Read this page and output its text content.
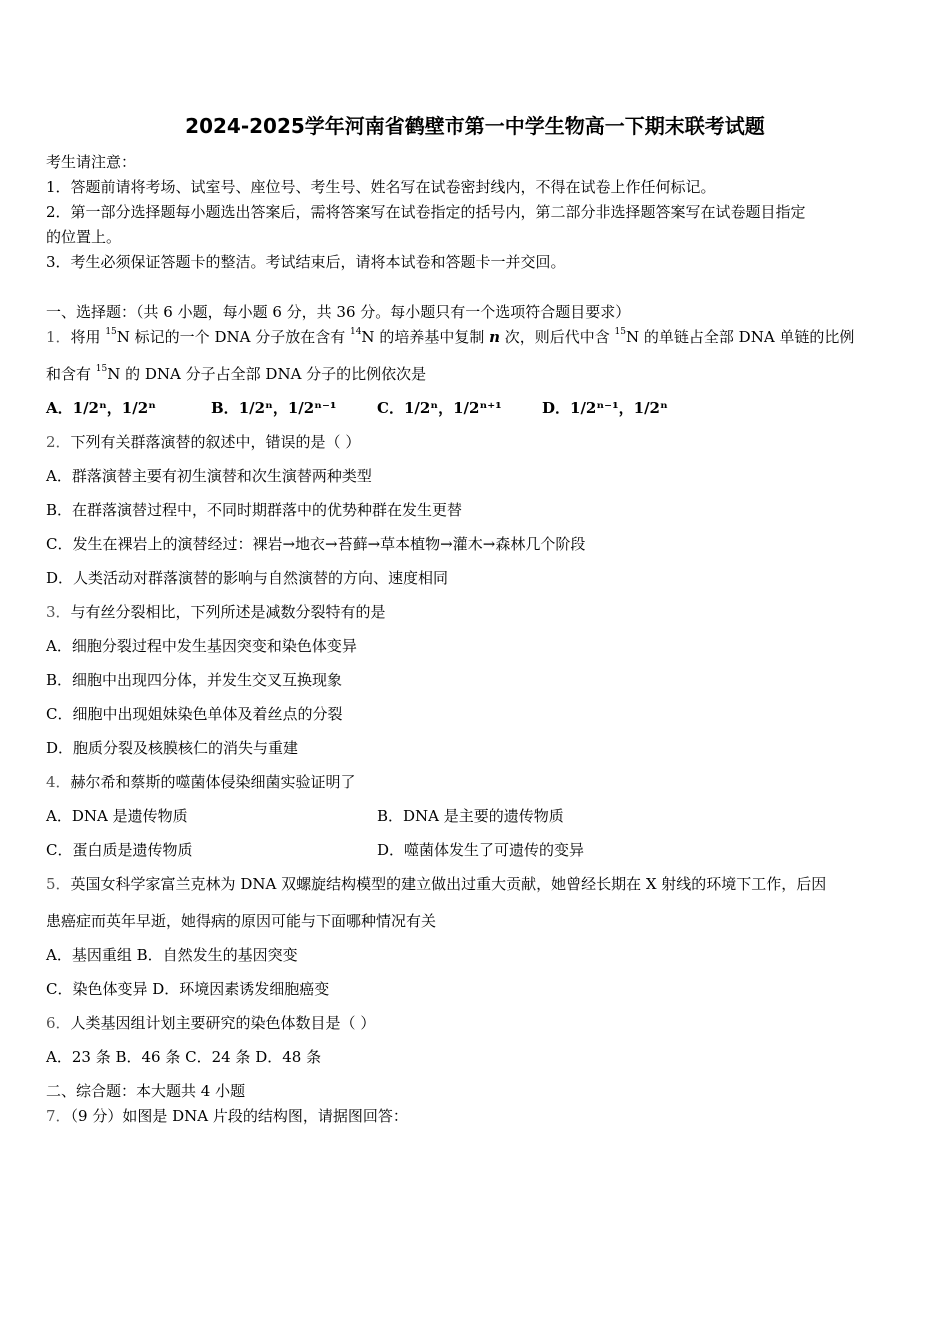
2024-2025学年河南省鹤壁市第一中学生物高一下期末联考试题
考生请注意：
1．答题前请将考场、试室号、座位号、考生号、姓名写在试卷密封线内，不得在试卷上作任何标记。
2．第一部分选择题每小题选出答案后，需将答案写在试卷指定的括号内，第二部分非选择题答案写在试卷题目指定
的位置上。
3．考生必须保证答题卡的整洁。考试结束后，请将本试卷和答题卡一并交回。
一、选择题：（共 6 小题，每小题 6 分，共 36 分。每小题只有一个选项符合题目要求）
1．将用 $^{15}$N 标记的一个 DNA 分子放在含有 $^{14}$N 的培养基中复制 n 次，则后代中含 $^{15}$N 的单链占全部 DNA 单链的比例
和含有 $^{15}$N 的 DNA 分子占全部 DNA 分子的比例依次是
A．1/2ⁿ，1/2ⁿ	B．1/2ⁿ，1/2ⁿ⁻¹	C．1/2ⁿ，1/2ⁿ⁺¹	D．1/2ⁿ⁻¹，1/2ⁿ
2．下列有关群落演替的叙述中，错误的是（ ）
A．群落演替主要有初生演替和次生演替两种类型
B．在群落演替过程中，不同时期群落中的优势种群在发生更替
C．发生在裸岩上的演替经过：裸岩→地衣→苔藓→草本植物→灌木→森林几个阶段
D．人类活动对群落演替的影响与自然演替的方向、速度相同
3．与有丝分裂相比，下列所述是减数分裂特有的是
A．细胞分裂过程中发生基因突变和染色体变异
B．细胞中出现四分体，并发生交叉互换现象
C．细胞中出现姐妹染色单体及着丝点的分裂
D．胞质分裂及核膜核仁的消失与重建
4．赫尔希和蔡斯的噬菌体侵染细菌实验证明了
A．DNA 是遗传物质	B．DNA 是主要的遗传物质
C．蛋白质是遗传物质	D．噬菌体发生了可遗传的变异
5．英国女科学家富兰克林为 DNA 双螺旋结构模型的建立做出过重大贡献，她曾经长期在 X 射线的环境下工作，后因
患癌症而英年早逝，她得病的原因可能与下面哪种情况有关
A．基因重组 B．自然发生的基因突变
C．染色体变异 D．环境因素诱发细胞癌变
6．人类基因组计划主要研究的染色体数目是（ ）
A．23 条 B．46 条 C．24 条 D．48 条
二、综合题：本大题共 4 小题
7．（9 分）如图是 DNA 片段的结构图，请据图回答：
